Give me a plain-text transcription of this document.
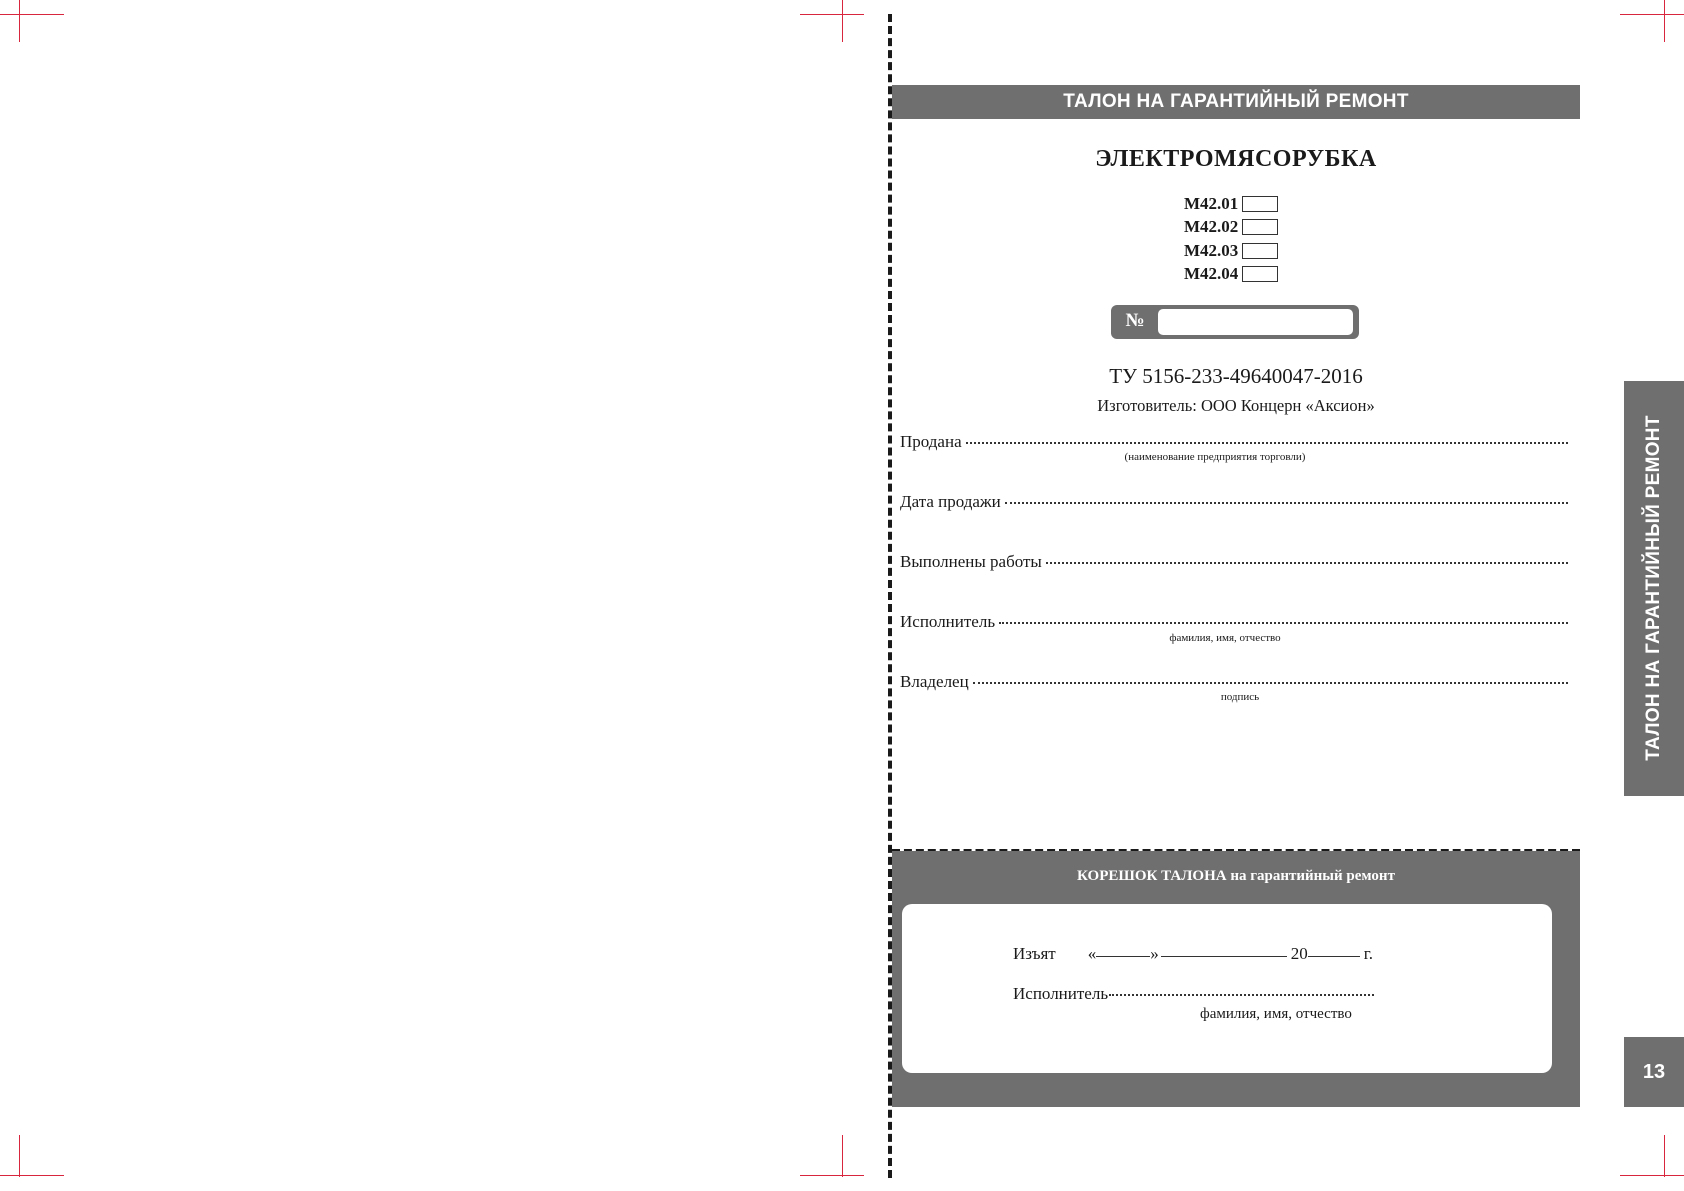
ТАЛОН НА ГАРАНТИЙНЫЙ РЕМОНТ
ЭЛЕКТРОМЯСОРУБКА
М42.01
М42.02
М42.03
М42.04
№
ТУ 5156-233-49640047-2016
Изготовитель: ООО Концерн «Аксион»
Продана
(наименование предприятия торговли)
Дата продажи
Выполнены работы
Исполнитель
фамилия, имя, отчество
Владелец
подпись
КОРЕШОК ТАЛОНА на гарантийный ремонт
Изъят «	»	20	г.
Исполнитель
фамилия, имя, отчество
ТАЛОН НА ГАРАНТИЙНЫЙ РЕМОНТ
13
